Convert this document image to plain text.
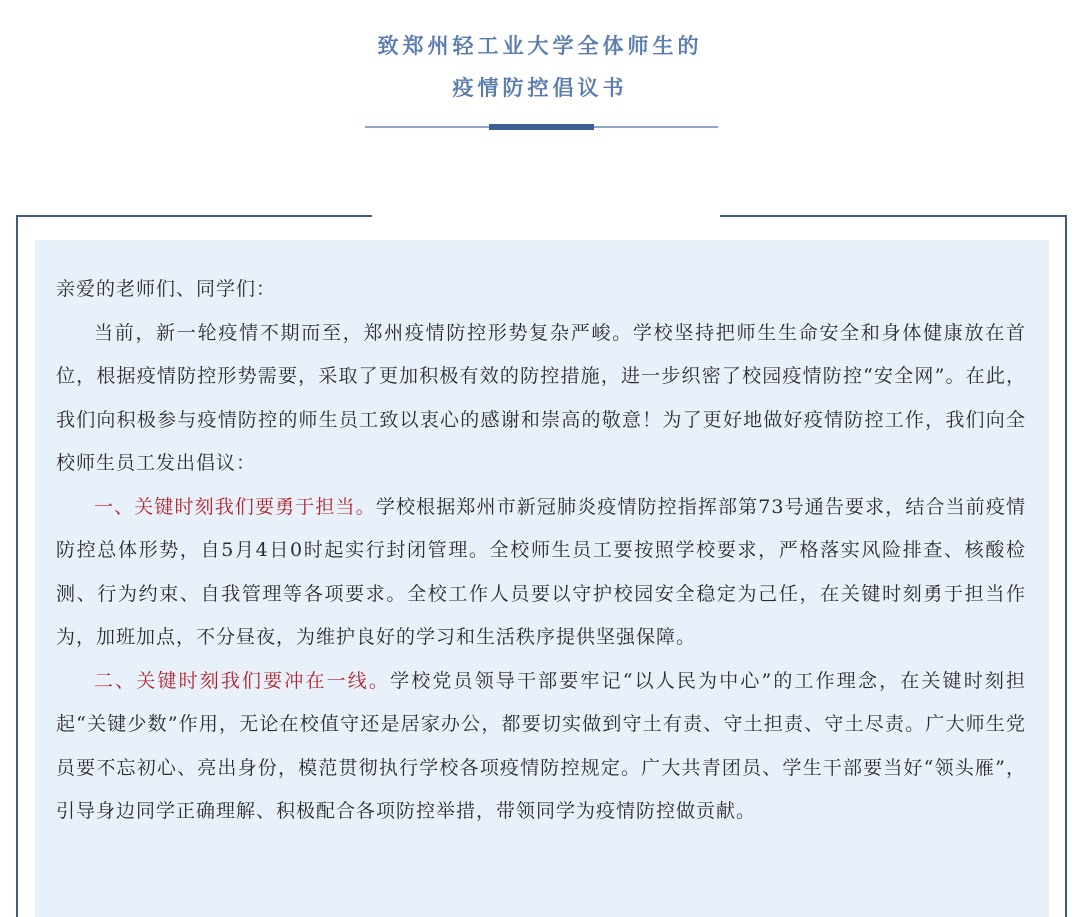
致郑州轻工业大学全体师生的
疫情防控倡议书

亲爱的老师们、同学们：

当前，新一轮疫情不期而至，郑州疫情防控形势复杂严峻。学校坚持把师生生命安全和身体健康放在首位，根据疫情防控形势需要，采取了更加积极有效的防控措施，进一步织密了校园疫情防控“安全网”。在此，我们向积极参与疫情防控的师生员工致以衷心的感谢和崇高的敬意！为了更好地做好疫情防控工作，我们向全校师生员工发出倡议：

一、关键时刻我们要勇于担当。学校根据郑州市新冠肺炎疫情防控指挥部第73号通告要求，结合当前疫情防控总体形势，自5月4日0时起实行封闭管理。全校师生员工要按照学校要求，严格落实风险排查、核酸检测、行为约束、自我管理等各项要求。全校工作人员要以守护校园安全稳定为己任，在关键时刻勇于担当作为，加班加点，不分昼夜，为维护良好的学习和生活秩序提供坚强保障。

二、关键时刻我们要冲在一线。学校党员领导干部要牢记“以人民为中心”的工作理念，在关键时刻担起“关键少数”作用，无论在校值守还是居家办公，都要切实做到守土有责、守土担责、守土尽责。广大师生党员要不忘初心、亮出身份，模范贯彻执行学校各项疫情防控规定。广大共青团员、学生干部要当好“领头雁”，引导身边同学正确理解、积极配合各项防控举措，带领同学为疫情防控做贡献。
